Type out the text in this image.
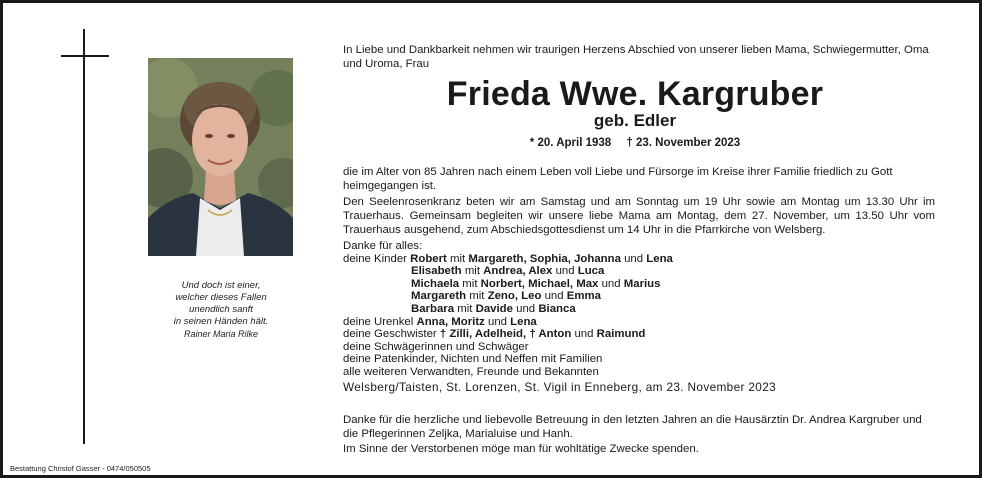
Und doch ist einer,
welcher dieses Fallen
unendlich sanft
in seinen Händen hält.
Rainer Maria Rilke
Bestattung Christof Gasser - 0474/050505
In Liebe und Dankbarkeit nehmen wir traurigen Herzens Abschied von unserer lieben Mama, Schwiegermutter, Oma und Uroma, Frau
Frieda Wwe. Kargruber
geb. Edler
* 20. April 1938 † 23. November 2023
die im Alter von 85 Jahren nach einem Leben voll Liebe und Fürsorge im Kreise ihrer Familie friedlich zu Gott heimgegangen ist.
Den Seelenrosenkranz beten wir am Samstag und am Sonntag um 19 Uhr sowie am Montag um 13.30 Uhr im Trauerhaus. Gemeinsam begleiten wir unsere liebe Mama am Montag, dem 27. November, um 13.50 Uhr vom Trauerhaus ausgehend, zum Abschiedsgottesdienst um 14 Uhr in die Pfarrkirche von Welsberg.
Danke für alles:
deine Kinder Robert mit Margareth, Sophia, Johanna und Lena
Elisabeth mit Andrea, Alex und Luca
Michaela mit Norbert, Michael, Max und Marius
Margareth mit Zeno, Leo und Emma
Barbara mit Davide und Bianca
deine Urenkel Anna, Moritz und Lena
deine Geschwister † Zilli, Adelheid, † Anton und Raimund
deine Schwägerinnen und Schwäger
deine Patenkinder, Nichten und Neffen mit Familien
alle weiteren Verwandten, Freunde und Bekannten
Welsberg/Taisten, St. Lorenzen, St. Vigil in Enneberg, am 23. November 2023
Danke für die herzliche und liebevolle Betreuung in den letzten Jahren an die Hausärztin Dr. Andrea Kargruber und die Pflegerinnen Zeljka, Marialuise und Hanh.
Im Sinne der Verstorbenen möge man für wohltätige Zwecke spenden.
